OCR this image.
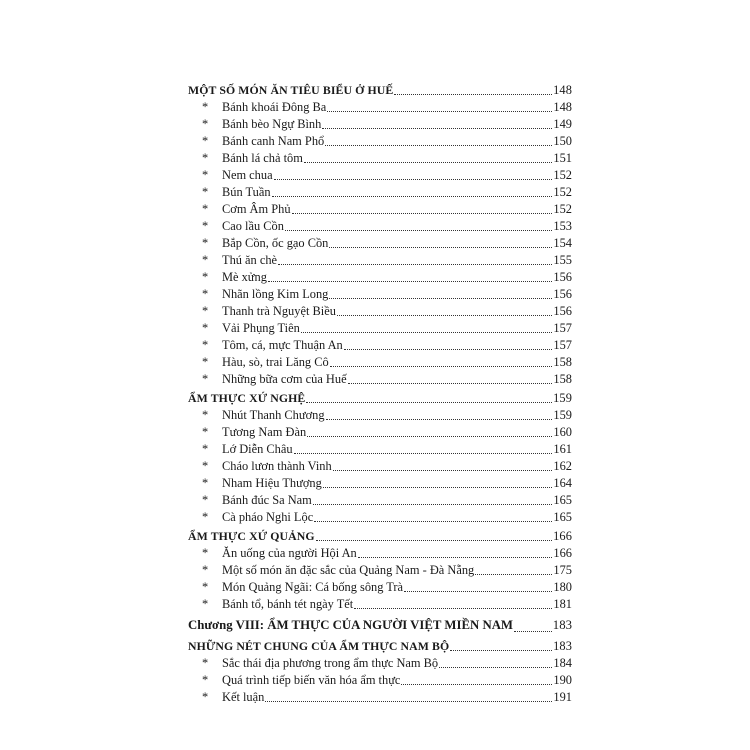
MỘT SỐ MÓN ĂN TIÊU BIỂU Ở HUẾ	148
*	Bánh khoái Đông Ba	148
*	Bánh bèo Ngự Bình	149
*	Bánh canh Nam Phổ	150
*	Bánh lá chả tôm	151
*	Nem chua	152
*	Bún Tuần	152
*	Cơm Âm Phủ	152
*	Cao lầu Cồn	153
*	Bắp Cồn, ốc gạo Cồn	154
*	Thú ăn chè	155
*	Mè xửng	156
*	Nhãn lồng Kim Long	156
*	Thanh trà Nguyệt Biều	156
*	Vải Phụng Tiên	157
*	Tôm, cá, mực Thuận An	157
*	Hàu, sò, trai Lăng Cô	158
*	Những bữa cơm của Huế	158
ẨM THỰC XỨ NGHỆ	159
*	Nhút Thanh Chương	159
*	Tương Nam Đàn	160
*	Lớ Diễn Châu	161
*	Cháo lươn thành Vinh	162
*	Nham Hiệu Thượng	164
*	Bánh đúc Sa Nam	165
*	Cà pháo Nghi Lộc	165
ẨM THỰC XỨ QUẢNG	166
*	Ăn uống của người Hội An	166
*	Một số món ăn đặc sắc của Quảng Nam - Đà Nẵng	175
*	Món Quảng Ngãi: Cá bống sông Trà	180
*	Bánh tổ, bánh tét ngày Tết	181
Chương VIII: ẨM THỰC CỦA NGƯỜI VIỆT MIỀN NAM	183
NHỮNG NÉT CHUNG CỦA ẨM THỰC NAM BỘ	183
*	Sắc thái địa phương trong ẩm thực Nam Bộ	184
*	Quá trình tiếp biến văn hóa ẩm thực	190
*	Kết luận	191
